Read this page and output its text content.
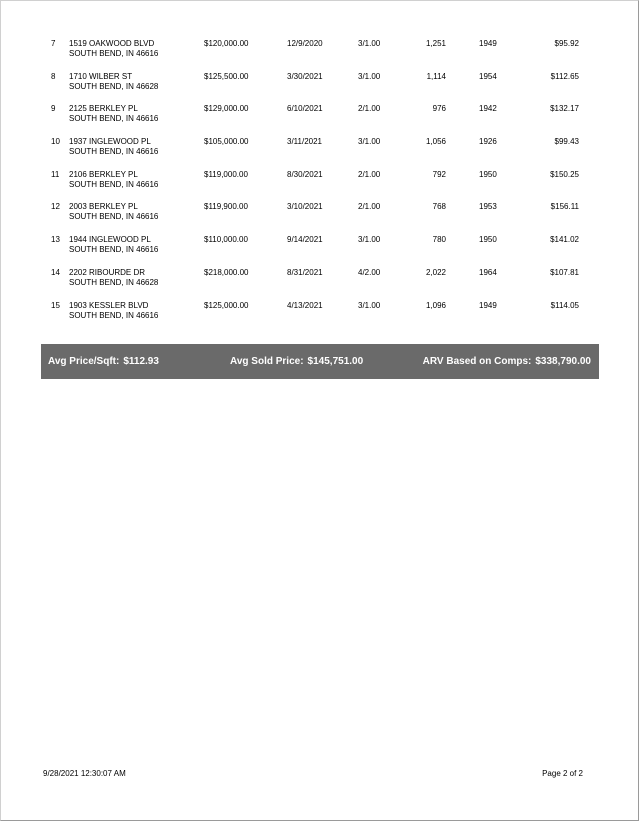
7 1519 OAKWOOD BLVD
SOUTH BEND, IN 46616
$120,000.00	12/9/2020	3/1.00	1,251	1949	$95.92
8 1710 WILBER ST
SOUTH BEND, IN 46628
$125,500.00	3/30/2021	3/1.00	1,114	1954	$112.65
9 2125 BERKLEY PL
SOUTH BEND, IN 46616
$129,000.00	6/10/2021	2/1.00	976	1942	$132.17
10 1937 INGLEWOOD PL
SOUTH BEND, IN 46616
$105,000.00	3/11/2021	3/1.00	1,056	1926	$99.43
11 2106 BERKLEY PL
SOUTH BEND, IN 46616
$119,000.00	8/30/2021	2/1.00	792	1950	$150.25
12 2003 BERKLEY PL
SOUTH BEND, IN 46616
$119,900.00	3/10/2021	2/1.00	768	1953	$156.11
13 1944 INGLEWOOD PL
SOUTH BEND, IN 46616
$110,000.00	9/14/2021	3/1.00	780	1950	$141.02
14 2202 RIBOURDE DR
SOUTH BEND, IN 46628
$218,000.00	8/31/2021	4/2.00	2,022	1964	$107.81
15 1903 KESSLER BLVD
SOUTH BEND, IN 46616
$125,000.00	4/13/2021	3/1.00	1,096	1949	$114.05
Avg Price/Sqft: $112.93	Avg Sold Price: $145,751.00	ARV Based on Comps: $338,790.00
9/28/2021 12:30:07 AM	Page 2 of 2
